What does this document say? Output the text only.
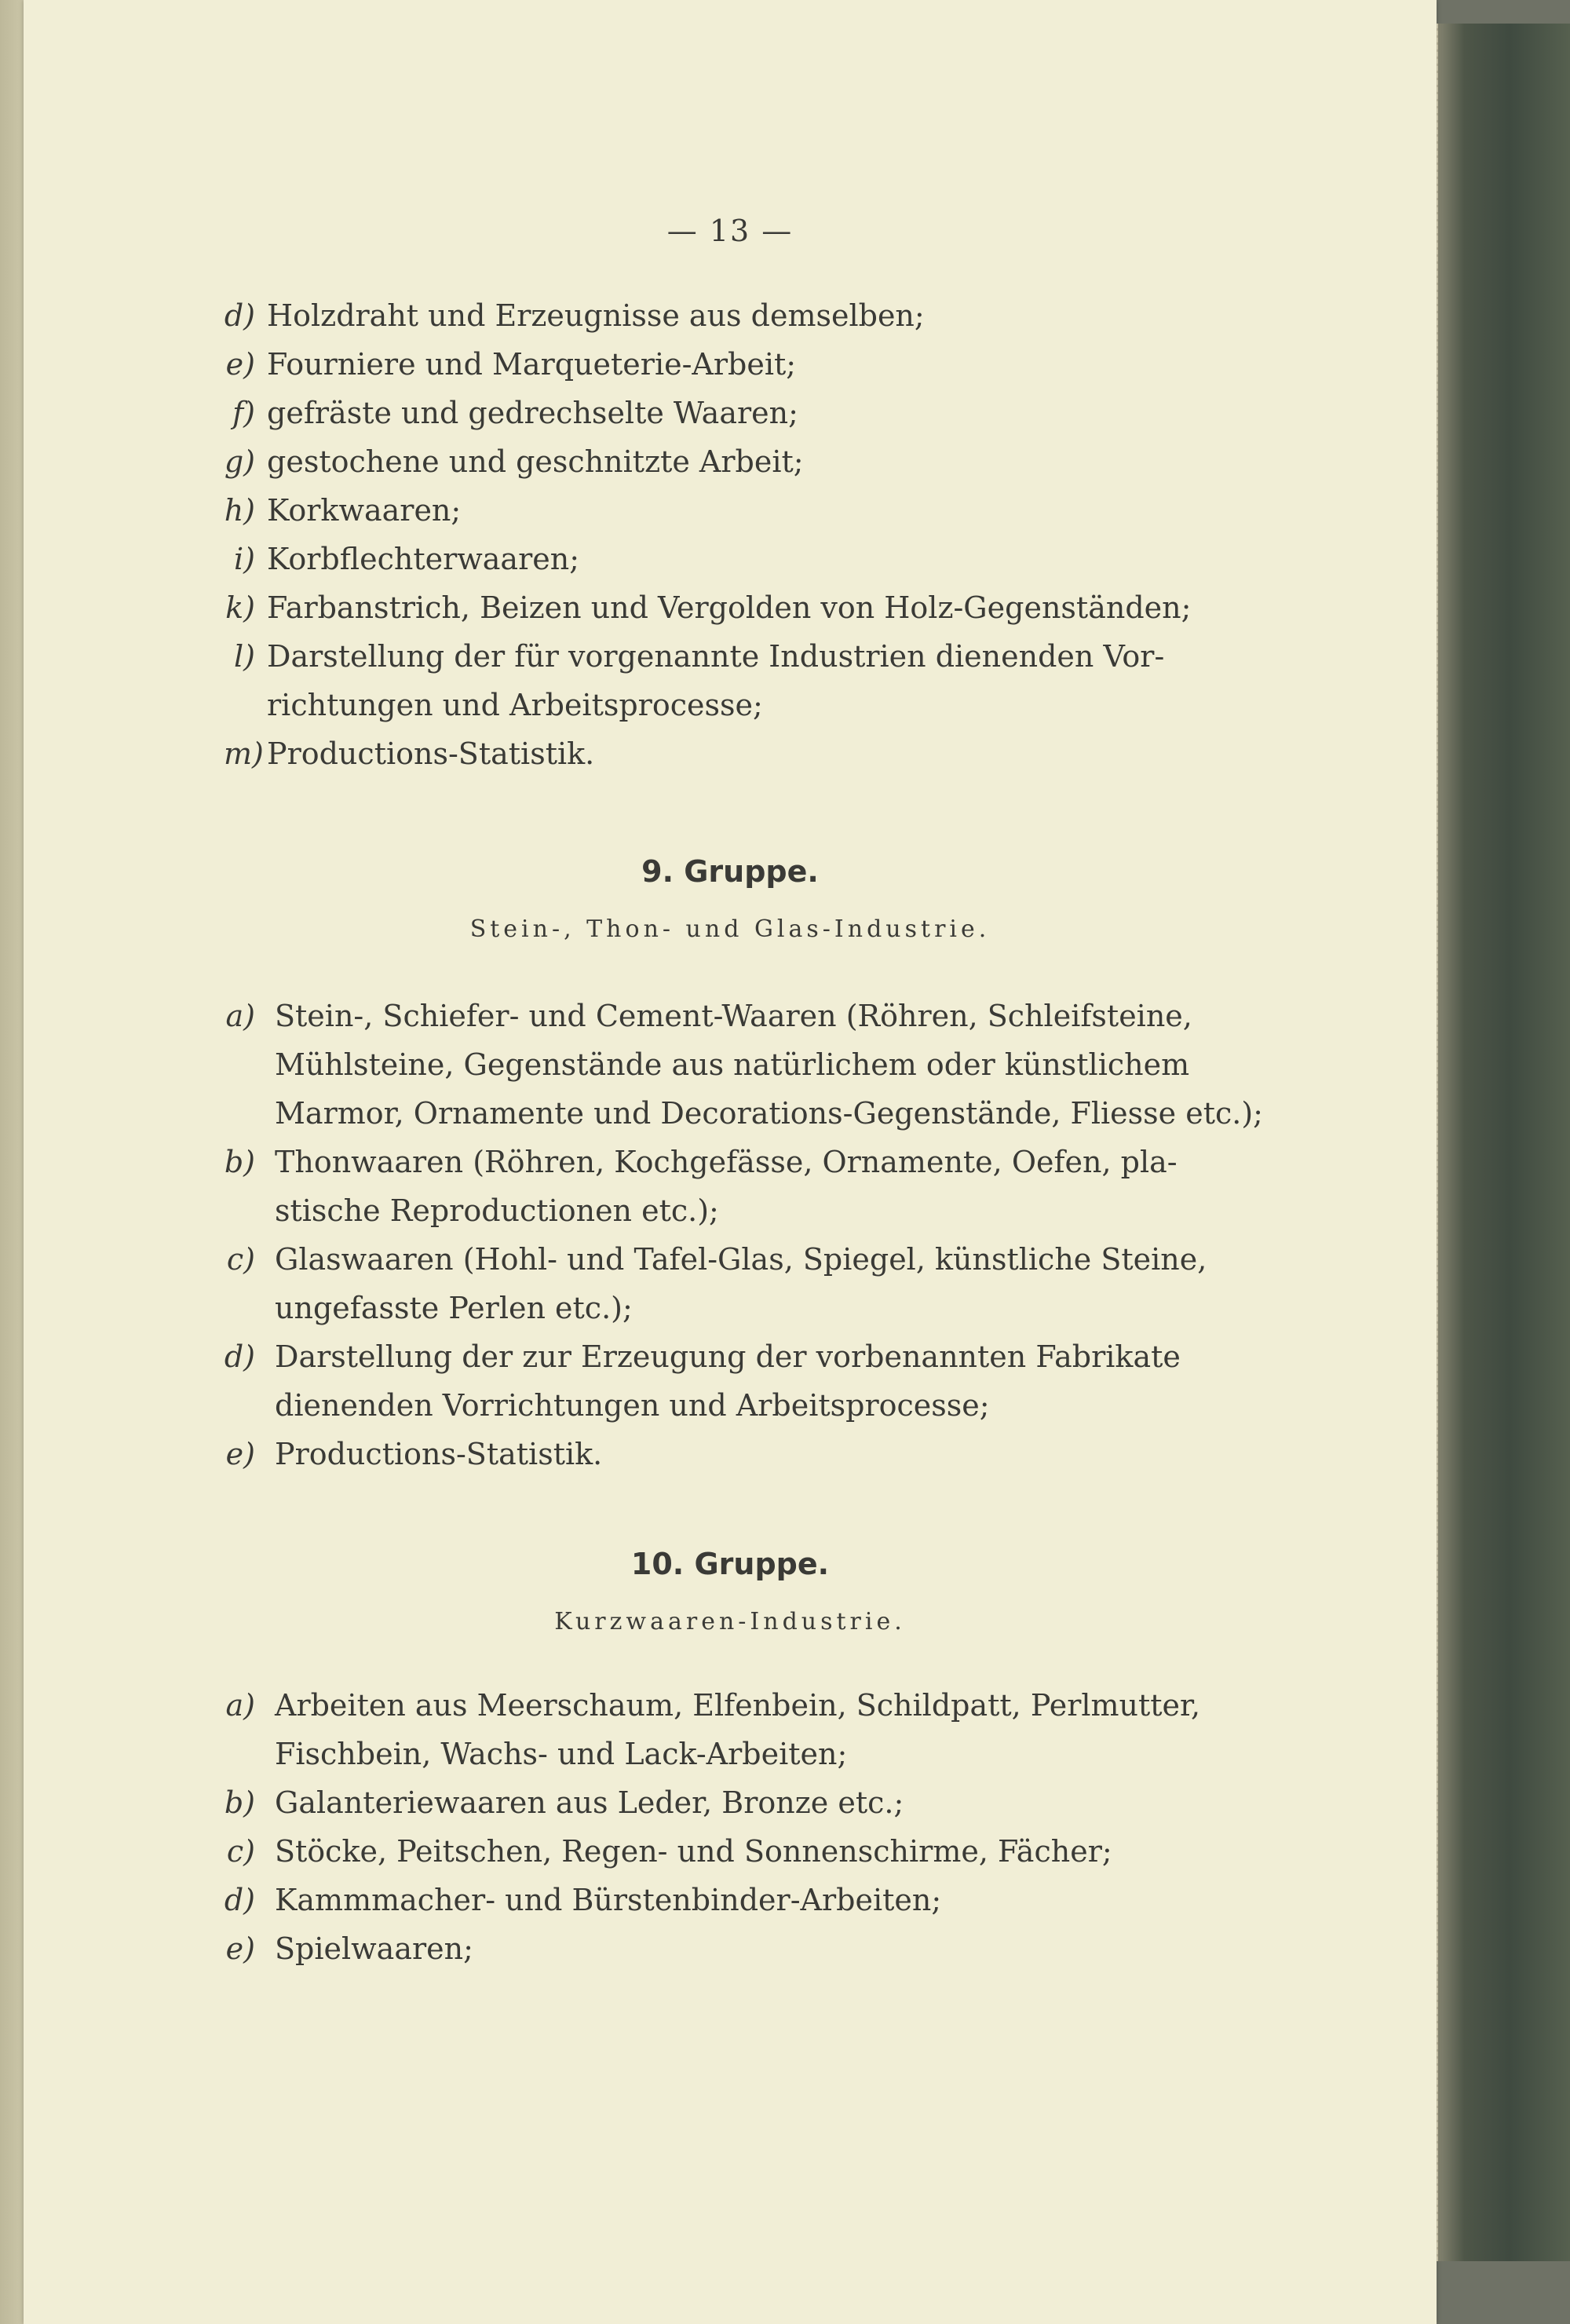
— 13 —
d) Holzdraht und Erzeugnisse aus demselben;
e) Fourniere und Marqueterie-Arbeit;
f) gefräste und gedrechselte Waaren;
g) gestochene und geschnitzte Arbeit;
h) Korkwaaren;
i) Korbflechterwaaren;
k) Farbanstrich, Beizen und Vergolden von Holz-Gegenständen;
l) Darstellung der für vorgenannte Industrien dienenden Vor-
richtungen und Arbeitsprocesse;
m) Productions-Statistik.
9. Gruppe.
Stein-, Thon- und Glas-Industrie.
a) Stein-, Schiefer- und Cement-Waaren (Röhren, Schleifsteine,
Mühlsteine, Gegenstände aus natürlichem oder künstlichem
Marmor, Ornamente und Decorations-Gegenstände, Fliesse etc.);
b) Thonwaaren (Röhren, Kochgefässe, Ornamente, Oefen, pla-
stische Reproductionen etc.);
c) Glaswaaren (Hohl- und Tafel-Glas, Spiegel, künstliche Steine,
ungefasste Perlen etc.);
d) Darstellung der zur Erzeugung der vorbenannten Fabrikate
dienenden Vorrichtungen und Arbeitsprocesse;
e) Productions-Statistik.
10. Gruppe.
Kurzwaaren-Industrie.
a) Arbeiten aus Meerschaum, Elfenbein, Schildpatt, Perlmutter,
Fischbein, Wachs- und Lack-Arbeiten;
b) Galanteriewaaren aus Leder, Bronze etc.;
c) Stöcke, Peitschen, Regen- und Sonnenschirme, Fächer;
d) Kammmacher- und Bürstenbinder-Arbeiten;
e) Spielwaaren;
